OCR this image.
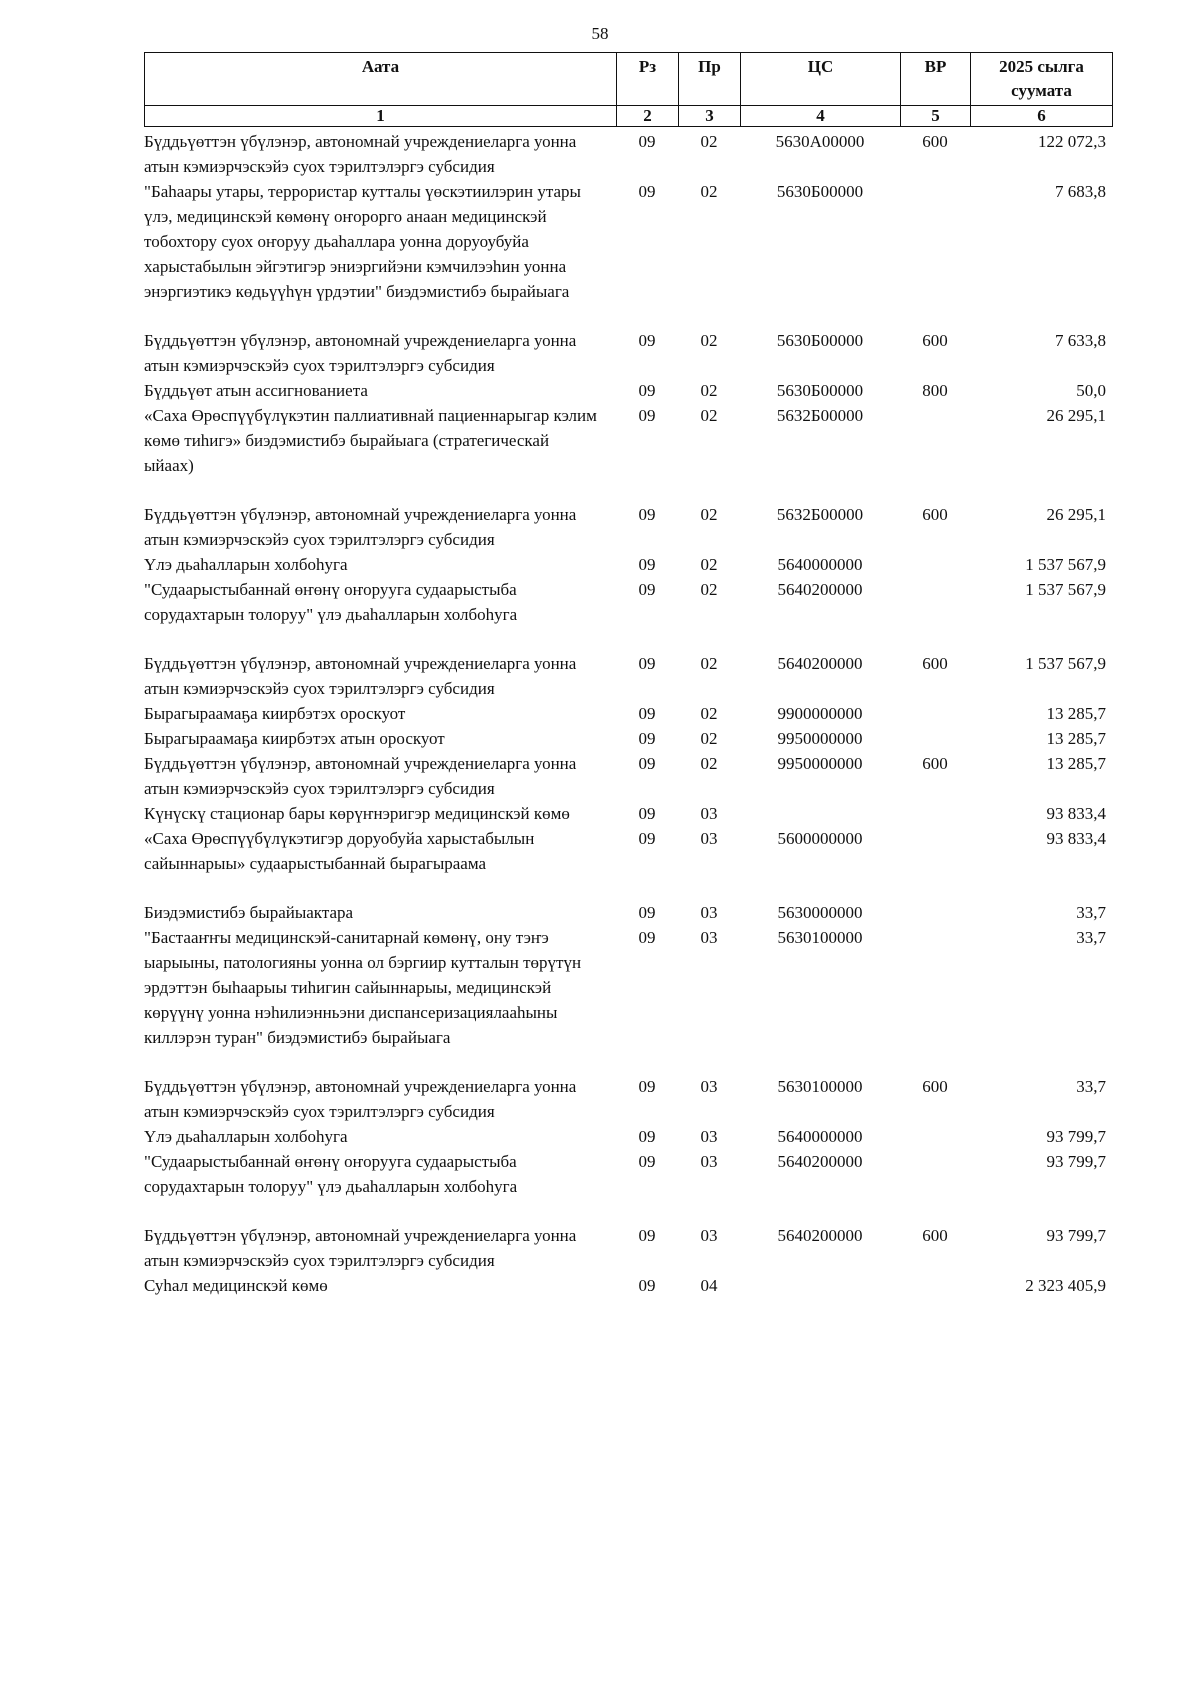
58
Аата	Рз	Пр	ЦС	ВР	2025 сылга суумата
1	2	3	4	5	6
Бүддьүөттэн үбүлэнэр, автономнай учреждениеларга уонна атын кэмиэрчэскэйэ суох тэрилтэлэргэ субсидия	09	02	5630А00000	600	122 072,3
"Баһаары утары, террористар кутталы үөскэтиилэрин утары үлэ, медицинскэй көмөнү оҥорорго анаан медицинскэй тобохтору суох оҥоруу дьаһаллара уонна доруоубуйа харыстабылын эйгэтигэр эниэргийэни кэмчилээһин уонна энэргиэтикэ көдьүүһүн үрдэтии" биэдэмистибэ бырайыага	09	02	5630Б00000		7 683,8

Бүддьүөттэн үбүлэнэр, автономнай учреждениеларга уонна атын кэмиэрчэскэйэ суох тэрилтэлэргэ субсидия	09	02	5630Б00000	600	7 633,8
Бүддьүөт атын ассигнованиета	09	02	5630Б00000	800	50,0
«Саха Өрөспүүбүлүкэтин паллиативнай пациеннарыгар кэлим көмө тиһигэ» биэдэмистибэ бырайыага (стратегическай ыйаах)	09	02	5632Б00000		26 295,1

Бүддьүөттэн үбүлэнэр, автономнай учреждениеларга уонна атын кэмиэрчэскэйэ суох тэрилтэлэргэ субсидия	09	02	5632Б00000	600	26 295,1
Үлэ дьаһалларын холбоһуга	09	02	5640000000		1 537 567,9
"Судаарыстыбаннай өҥөнү оҥорууга судаарыстыба сорудахтарын толоруу" үлэ дьаһалларын холбоһуга	09	02	5640200000		1 537 567,9

Бүддьүөттэн үбүлэнэр, автономнай учреждениеларга уонна атын кэмиэрчэскэйэ суох тэрилтэлэргэ субсидия	09	02	5640200000	600	1 537 567,9
Бырагыраамаҕа киирбэтэх ороскуот	09	02	9900000000		13 285,7
Бырагыраамаҕа киирбэтэх атын ороскуот	09	02	9950000000		13 285,7
Бүддьүөттэн үбүлэнэр, автономнай учреждениеларга уонна атын кэмиэрчэскэйэ суох тэрилтэлэргэ субсидия	09	02	9950000000	600	13 285,7
Күнүскү стационар бары көрүҥнэригэр медицинскэй көмө	09	03			93 833,4
«Саха Өрөспүүбүлүкэтигэр доруобуйа харыстабылын сайыннарыы» судаарыстыбаннай бырагыраама	09	03	5600000000		93 833,4

Биэдэмистибэ бырайыактара	09	03	5630000000		33,7
"Бастааҥҥы медицинскэй-санитарнай көмөнү, ону тэҥэ ыарыыны, патологияны уонна ол бэргиир кутталын төрүтүн эрдэттэн быһаарыы тиһигин сайыннарыы, медицинскэй көрүүнү уонна нэһилиэнньэни диспансеризациялааһыны киллэрэн туран" биэдэмистибэ бырайыага	09	03	5630100000		33,7

Бүддьүөттэн үбүлэнэр, автономнай учреждениеларга уонна атын кэмиэрчэскэйэ суох тэрилтэлэргэ субсидия	09	03	5630100000	600	33,7
Үлэ дьаһалларын холбоһуга	09	03	5640000000		93 799,7
"Судаарыстыбаннай өҥөнү оҥорууга судаарыстыба сорудахтарын толоруу" үлэ дьаһалларын холбоһуга	09	03	5640200000		93 799,7

Бүддьүөттэн үбүлэнэр, автономнай учреждениеларга уонна атын кэмиэрчэскэйэ суох тэрилтэлэргэ субсидия	09	03	5640200000	600	93 799,7
Суһал медицинскэй көмө	09	04			2 323 405,9
